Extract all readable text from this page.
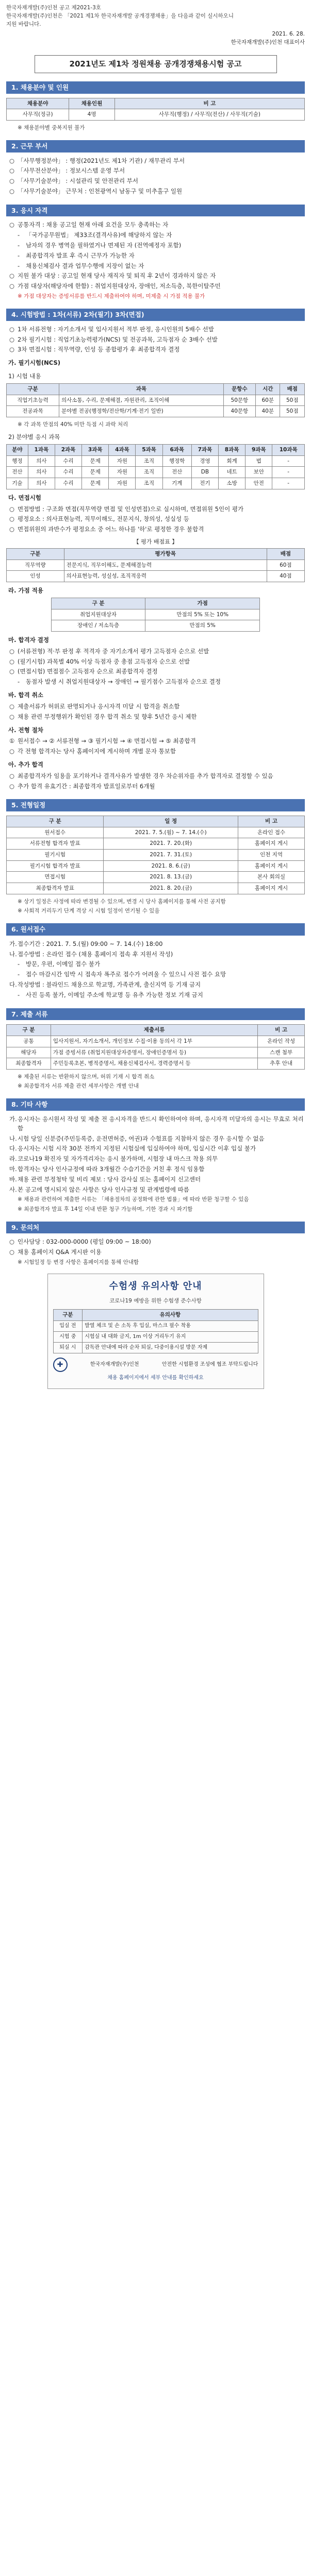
한국자재개발(주)인천 공고 제2021-3호
한국자재개발(주)인천은 「2021 제1차 한국자재개발 공개경쟁채용」을 다음과 같이 실시하오니
지원 바랍니다.
2021. 6. 28.
한국자재개발(주)인천 대표이사
2021년도 제1차 정원채용 공개경쟁채용시험 공고
1. 채용분야 및 인원
채용분야	채용인원	비 고
사무직(정규)	4명	사무직(행정) / 사무직(전산) / 사무직(기술)
※ 채용분야별 중복지원 불가
2. 근무 부서
○ 「사무행정분야」 : 행정(2021년도 제1차 기관) / 재무관리 부서
○ 「사무전산분야」 : 정보시스템 운영 부서
○ 「사무기술분야」 : 시설관리 및 안전관리 부서
○ 「사무기술분야」 근무처 : 인천광역시 남동구 및 미추홀구 일원
3. 응시 자격
○ 공통자격 : 채용 공고일 현재 아래 요건을 모두 충족하는 자
-	「국가공무원법」 제33조(결격사유)에 해당하지 않는 자
-	남자의 경우 병역을 필하였거나 면제된 자 (전역예정자 포함)
-	최종합격자 발표 후 즉시 근무가 가능한 자
-	채용신체검사 결과 업무수행에 지장이 없는 자
○ 지원 불가 대상 : 공고일 현재 당사 재직자 및 퇴직 후 2년이 경과하지 않은 자
○ 가점 대상자(해당자에 한함) : 취업지원대상자, 장애인, 저소득층, 북한이탈주민
※ 가점 대상자는 증빙서류를 반드시 제출하여야 하며, 미제출 시 가점 적용 불가
4. 시험방법 : 1차(서류) 2차(필기) 3차(면접)
○ 1차 서류전형 : 자기소개서 및 입사지원서 적부 판정, 응시인원의 5배수 선발
○ 2차 필기시험 : 직업기초능력평가(NCS) 및 전공과목, 고득점자 순 3배수 선발
○ 3차 면접시험 : 직무역량, 인성 등 종합평가 후 최종합격자 결정
가. 필기시험(NCS)
1) 시험 내용
구분	과목	문항수	시간	배점
직업기초능력	의사소통, 수리, 문제해결, 자원관리, 조직이해	50문항	60분	50점
전공과목	분야별 전공(행정학/전산학/기계·전기 일반)	40문항	40분	50점
※ 각 과목 만점의 40% 미만 득점 시 과락 처리
2) 분야별 응시 과목
분야	1과목	2과목	3과목	4과목	5과목	6과목	7과목	8과목	9과목	10과목
행정	의사	수리	문제	자원	조직	행정학	경영	회계	법	-
전산	의사	수리	문제	자원	조직	전산	DB	네트	보안	-
기술	의사	수리	문제	자원	조직	기계	전기	소방	안전	-
다. 면접시험
○ 면접방법 : 구조화 면접(직무역량 면접 및 인성면접)으로 실시하며, 면접위원 5인이 평가
○ 평정요소 : 의사표현능력, 직무이해도, 전문지식, 창의성, 성실성 등
○ 면접위원의 과반수가 평정요소 중 어느 하나를 '하'로 평정한 경우 불합격
【 평가 배점표 】
구분	평가항목	배점
직무역량	전문지식, 직무이해도, 문제해결능력	60점
인성	의사표현능력, 성실성, 조직적응력	40점
라. 가점 적용
구 분	가점
취업지원대상자	만점의 5% 또는 10%
장애인 / 저소득층	만점의 5%
마. 합격자 결정
○ (서류전형) 적·부 판정 후 적격자 중 자기소개서 평가 고득점자 순으로 선발
○ (필기시험) 과목별 40% 이상 득점자 중 총점 고득점자 순으로 선발
○ (면접시험) 면접점수 고득점자 순으로 최종합격자 결정
-	동점자 발생 시 취업지원대상자 → 장애인 → 필기점수 고득점자 순으로 결정
바. 합격 취소
○ 제출서류가 허위로 판명되거나 응시자격 미달 시 합격을 취소함
○ 채용 관련 부정행위가 확인된 경우 합격 취소 및 향후 5년간 응시 제한
사. 전형 절차
① 원서접수 → ② 서류전형 → ③ 필기시험 → ④ 면접시험 → ⑤ 최종합격
○ 각 전형 합격자는 당사 홈페이지에 게시하며 개별 문자 통보함
아. 추가 합격
○ 최종합격자가 임용을 포기하거나 결격사유가 발생한 경우 차순위자를 추가 합격자로 결정할 수 있음
○ 추가 합격 유효기간 : 최종합격자 발표일로부터 6개월
5. 전형일정
구 분	일 정	비 고
원서접수	2021. 7. 5.(월) ~ 7. 14.(수)	온라인 접수
서류전형 합격자 발표	2021. 7. 20.(화)	홈페이지 게시
필기시험	2021. 7. 31.(토)	인천 지역
필기시험 합격자 발표	2021. 8. 6.(금)	홈페이지 게시
면접시험	2021. 8. 13.(금)	본사 회의실
최종합격자 발표	2021. 8. 20.(금)	홈페이지 게시
※ 상기 일정은 사정에 따라 변경될 수 있으며, 변경 시 당사 홈페이지를 통해 사전 공지함
※ 사회적 거리두기 단계 격상 시 시험 일정이 연기될 수 있음
6. 원서접수
가. 접수기간 : 2021. 7. 5.(월) 09:00 ~ 7. 14.(수) 18:00
나. 접수방법 : 온라인 접수 (채용 홈페이지 접속 후 지원서 작성)
-	방문, 우편, 이메일 접수 불가
-	접수 마감시간 임박 시 접속자 폭주로 접수가 어려울 수 있으니 사전 접수 요망
다. 작성방법 : 블라인드 채용으로 학교명, 가족관계, 출신지역 등 기재 금지
-	사진 등록 불가, 이메일 주소에 학교명 등 유추 가능한 정보 기재 금지
7. 제출 서류
구 분	제출서류	비 고
공통	입사지원서, 자기소개서, 개인정보 수집·이용 동의서 각 1부	온라인 작성
해당자	가점 증빙서류 (취업지원대상자증명서, 장애인증명서 등)	스캔 첨부
최종합격자	주민등록초본, 병적증명서, 채용신체검사서, 경력증명서 등	추후 안내
※ 제출된 서류는 반환하지 않으며, 허위 기재 시 합격 취소
※ 최종합격자 서류 제출 관련 세부사항은 개별 안내
8. 기타 사항
가. 응시자는 응시원서 작성 및 제출 전 응시자격을 반드시 확인하여야 하며, 응시자격 미달자의 응시는 무효로 처리함
나. 시험 당일 신분증(주민등록증, 운전면허증, 여권)과 수험표를 지참하지 않은 경우 응시할 수 없음
다. 응시자는 시험 시작 30분 전까지 지정된 시험실에 입실하여야 하며, 입실시간 이후 입실 불가
라. 코로나19 확진자 및 자가격리자는 응시 불가하며, 시험장 내 마스크 착용 의무
마. 합격자는 당사 인사규정에 따라 3개월간 수습기간을 거친 후 정식 임용함
바. 채용 관련 부정청탁 및 비리 제보 : 당사 감사실 또는 홈페이지 신고센터
사. 본 공고에 명시되지 않은 사항은 당사 인사규정 및 관계법령에 따름
※ 채용과 관련하여 제출한 서류는 「채용절차의 공정화에 관한 법률」에 따라 반환 청구할 수 있음
※ 최종합격자 발표 후 14일 이내 반환 청구 가능하며, 기한 경과 시 파기함
9. 문의처
○ 인사담당 : 032-000-0000 (평일 09:00 ~ 18:00)
○ 채용 홈페이지 Q&A 게시판 이용
※ 시험일정 등 변경 사항은 홈페이지를 통해 안내함
수험생 유의사항 안내
코로나19 예방을 위한 수험생 준수사항
구분	유의사항
입실 전	발열 체크 및 손 소독 후 입실, 마스크 필수 착용
시험 중	시험실 내 대화 금지, 1m 이상 거리두기 유지
퇴실 시	감독관 안내에 따라 순차 퇴실, 다중이용시설 방문 자제
✚	한국자재개발(주)인천	안전한 시험환경 조성에 협조 부탁드립니다
채용 홈페이지에서 세부 안내를 확인하세요
